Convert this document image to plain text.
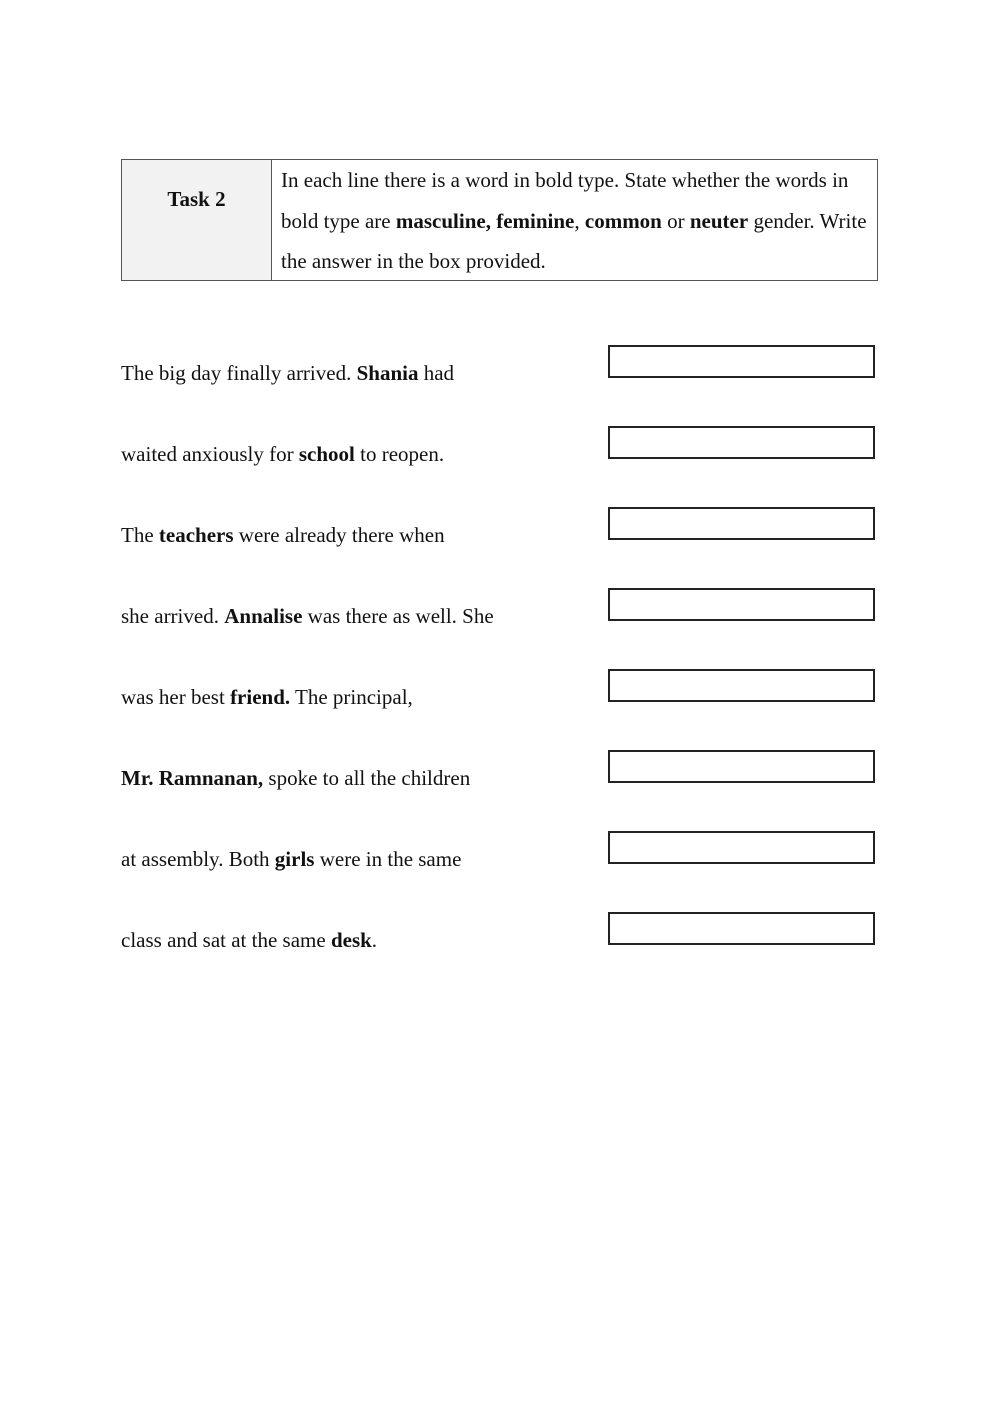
Task 2
In each line there is a word in bold type. State whether the words in bold type are masculine, feminine, common or neuter gender. Write the answer in the box provided.
The big day finally arrived. Shania had
waited anxiously for school to reopen.
The teachers were already there when
she arrived. Annalise was there as well. She
was her best friend. The principal,
Mr. Ramnanan, spoke to all the children
at assembly. Both girls were in the same
class and sat at the same desk.
